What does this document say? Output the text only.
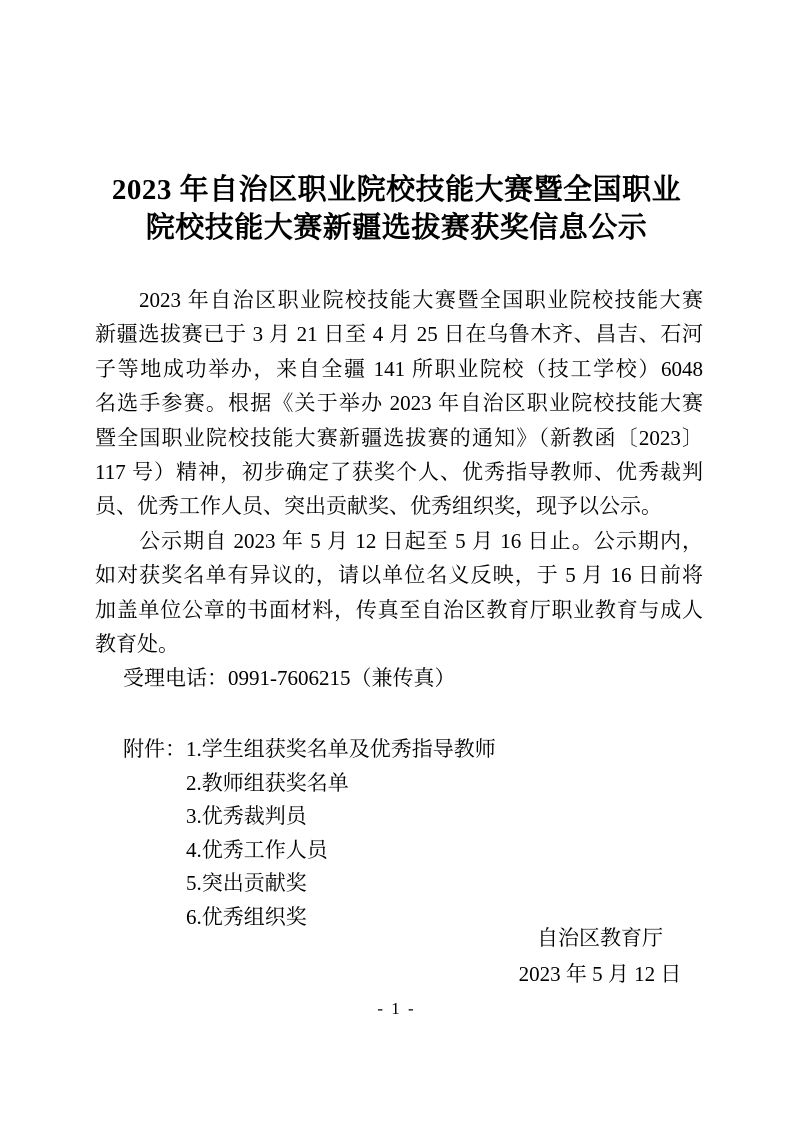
2023 年自治区职业院校技能大赛暨全国职业
院校技能大赛新疆选拔赛获奖信息公示
2023 年自治区职业院校技能大赛暨全国职业院校技能大赛
新疆选拔赛已于 3 月 21 日至 4 月 25 日在乌鲁木齐、昌吉、石河
子等地成功举办，来自全疆 141 所职业院校（技工学校）6048
名选手参赛。根据《关于举办 2023 年自治区职业院校技能大赛
暨全国职业院校技能大赛新疆选拔赛的通知》（新教函〔2023〕
117 号）精神，初步确定了获奖个人、优秀指导教师、优秀裁判
员、优秀工作人员、突出贡献奖、优秀组织奖，现予以公示。
公示期自 2023 年 5 月 12 日起至 5 月 16 日止。公示期内，
如对获奖名单有异议的，请以单位名义反映，于 5 月 16 日前将
加盖单位公章的书面材料，传真至自治区教育厅职业教育与成人
教育处。
受理电话：0991-7606215（兼传真）
附件： 1.学生组获奖名单及优秀指导教师
2.教师组获奖名单
3.优秀裁判员
4.优秀工作人员
5.突出贡献奖
6.优秀组织奖
自治区教育厅
2023 年 5 月 12 日
- 1 -
